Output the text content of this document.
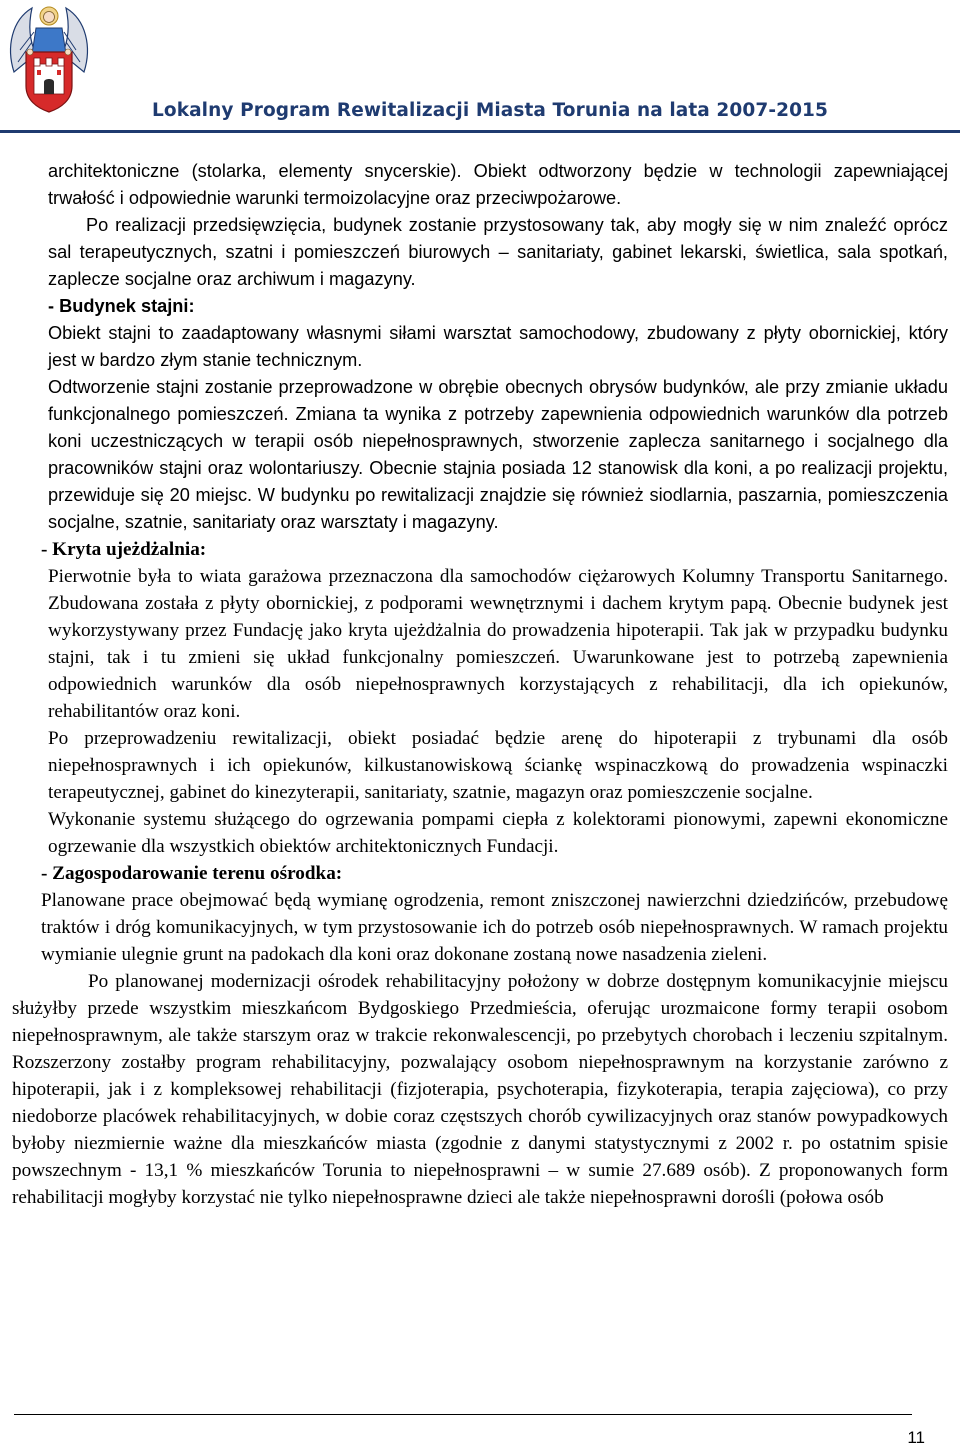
Lokalny Program Rewitalizacji Miasta Torunia na lata 2007-2015

architektoniczne (stolarka, elementy snycerskie). Obiekt odtworzony będzie w technologii zapewniającej trwałość i odpowiednie warunki termoizolacyjne oraz przeciwpożarowe.

Po realizacji przedsięwzięcia, budynek zostanie przystosowany tak, aby mogły się w nim znaleźć oprócz sal terapeutycznych, szatni i pomieszczeń biurowych – sanitariaty, gabinet lekarski, świetlica, sala spotkań, zaplecze socjalne oraz archiwum i magazyny.

- Budynek stajni:

Obiekt stajni to zaadaptowany własnymi siłami warsztat samochodowy, zbudowany z płyty obornickiej, który jest w bardzo złym stanie technicznym.

Odtworzenie stajni zostanie przeprowadzone w obrębie obecnych obrysów budynków, ale przy zmianie układu funkcjonalnego pomieszczeń. Zmiana ta wynika z potrzeby zapewnienia odpowiednich warunków dla potrzeb koni uczestniczących w terapii osób niepełnosprawnych, stworzenie zaplecza sanitarnego i socjalnego dla pracowników stajni oraz wolontariuszy. Obecnie stajnia posiada 12 stanowisk dla koni, a po realizacji projektu, przewiduje się 20 miejsc. W budynku po rewitalizacji znajdzie się również siodlarnia, paszarnia, pomieszczenia socjalne, szatnie, sanitariaty oraz warsztaty i magazyny.

- Kryta ujeżdżalnia:

Pierwotnie była to wiata garażowa przeznaczona dla samochodów ciężarowych Kolumny Transportu Sanitarnego. Zbudowana została z płyty obornickiej, z podporami wewnętrznymi i dachem krytym papą. Obecnie budynek jest wykorzystywany przez Fundację jako kryta ujeżdżalnia do prowadzenia hipoterapii. Tak jak w przypadku budynku stajni, tak i tu zmieni się układ funkcjonalny pomieszczeń. Uwarunkowane jest to potrzebą zapewnienia odpowiednich warunków dla osób niepełnosprawnych korzystających z rehabilitacji, dla ich opiekunów, rehabilitantów oraz koni.

Po przeprowadzeniu rewitalizacji, obiekt posiadać będzie arenę do hipoterapii z trybunami dla osób niepełnosprawnych i ich opiekunów, kilkustanowiskową ściankę wspinaczkową do prowadzenia wspinaczki terapeutycznej, gabinet do kinezyterapii, sanitariaty, szatnie, magazyn oraz pomieszczenie socjalne.

Wykonanie systemu służącego do ogrzewania pompami ciepła z kolektorami pionowymi, zapewni ekonomiczne ogrzewanie dla wszystkich obiektów architektonicznych Fundacji.

- Zagospodarowanie terenu ośrodka:

Planowane prace obejmować będą wymianę ogrodzenia, remont zniszczonej nawierzchni dziedzińców, przebudowę traktów i dróg komunikacyjnych, w tym przystosowanie ich do potrzeb osób niepełnosprawnych. W ramach projektu wymianie ulegnie grunt na padokach dla koni oraz dokonane zostaną nowe nasadzenia zieleni.

Po planowanej modernizacji ośrodek rehabilitacyjny położony w dobrze dostępnym komunikacyjnie miejscu służyłby przede wszystkim mieszkańcom Bydgoskiego Przedmieścia, oferując urozmaicone formy terapii osobom niepełnosprawnym, ale także starszym oraz w trakcie rekonwalescencji, po przebytych chorobach i leczeniu szpitalnym. Rozszerzony zostałby program rehabilitacyjny, pozwalający osobom niepełnosprawnym na korzystanie zarówno z hipoterapii, jak i z kompleksowej rehabilitacji (fizjoterapia, psychoterapia, fizykoterapia, terapia zajęciowa), co przy niedoborze placówek rehabilitacyjnych, w dobie coraz częstszych chorób cywilizacyjnych oraz stanów powypadkowych byłoby niezmiernie ważne dla mieszkańców miasta (zgodnie z danymi statystycznymi z 2002 r. po ostatnim spisie powszechnym - 13,1 % mieszkańców Torunia to niepełnosprawni – w sumie 27.689 osób). Z proponowanych form rehabilitacji mogłyby korzystać nie tylko niepełnosprawne dzieci ale także niepełnosprawni dorośli (połowa osób

11
